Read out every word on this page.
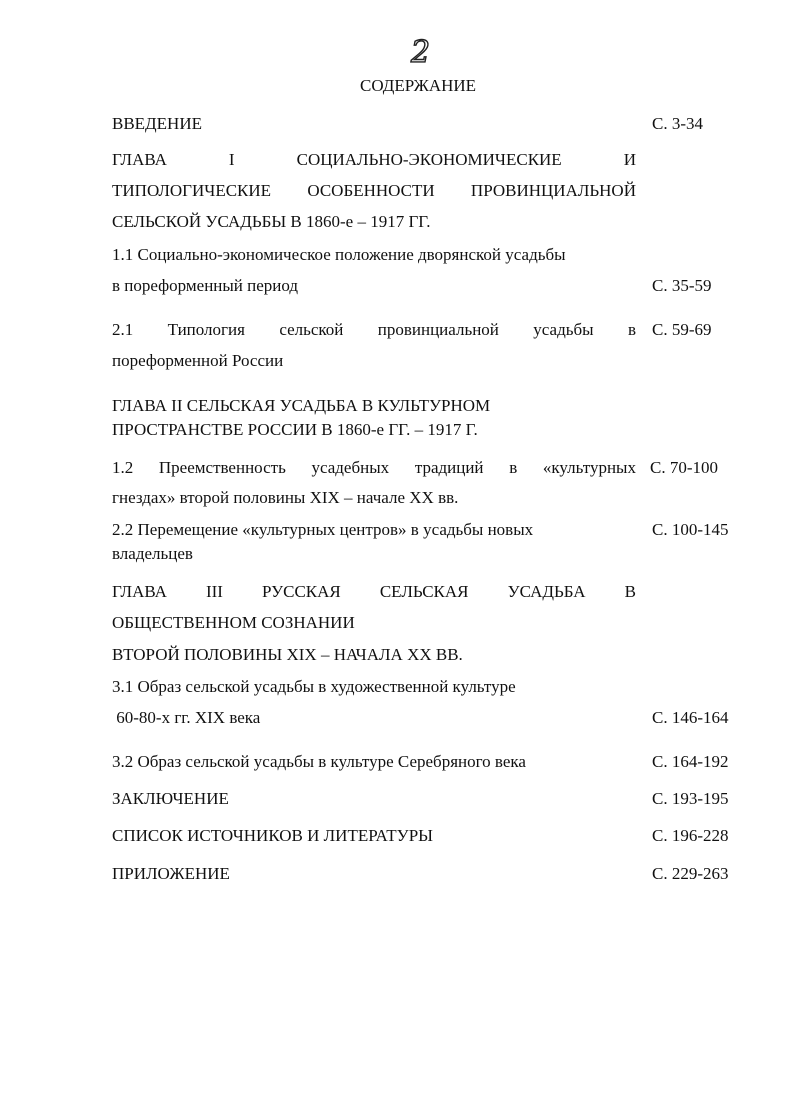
2
СОДЕРЖАНИЕ
ВВЕДЕНИЕ	С. 3-34
ГЛАВА	I	СОЦИАЛЬНО-ЭКОНОМИЧЕСКИЕ	И
ТИПОЛОГИЧЕСКИЕ ОСОБЕННОСТИ ПРОВИНЦИАЛЬНОЙ
СЕЛЬСКОЙ УСАДЬБЫ В 1860-е – 1917 ГГ.
1.1 Социально-экономическое положение дворянской усадьбы
в пореформенный период	С. 35-59
2.1 Типология сельской провинциальной усадьбы в С. 59-69
пореформенной России
ГЛАВА II СЕЛЬСКАЯ УСАДЬБА В КУЛЬТУРНОМ
ПРОСТРАНСТВЕ РОССИИ В 1860-е ГГ. – 1917 Г.
1.2 Преемственность усадебных традиций в «культурных С. 70-100
гнездах» второй половины XIX – начале XX вв.
2.2 Перемещение «культурных центров» в усадьбы новых	С. 100-145
владельцев
ГЛАВА III РУССКАЯ СЕЛЬСКАЯ УСАДЬБА В
ОБЩЕСТВЕННОМ СОЗНАНИИ
ВТОРОЙ ПОЛОВИНЫ XIX – НАЧАЛА XX ВВ.
3.1 Образ сельской усадьбы в художественной культуре
60-80-х гг. XIX века	С. 146-164
3.2 Образ сельской усадьбы в культуре Серебряного века	С. 164-192
ЗАКЛЮЧЕНИЕ	С. 193-195
СПИСОК ИСТОЧНИКОВ И ЛИТЕРАТУРЫ	С. 196-228
ПРИЛОЖЕНИЕ	С. 229-263
